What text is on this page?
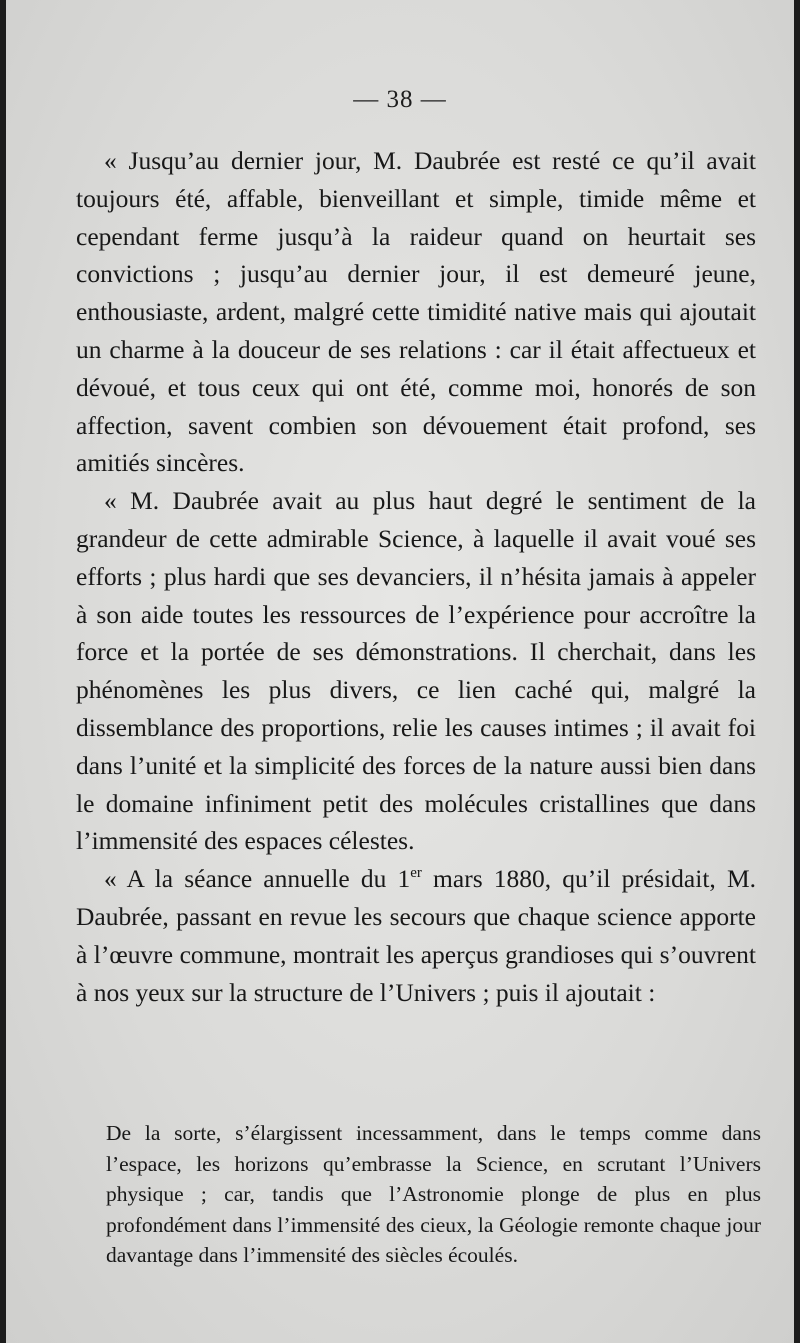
— 38 —

« Jusqu’au dernier jour, M. Daubrée est resté ce qu’il avait toujours été, affable, bienveillant et simple, timide même et cependant ferme jusqu’à la raideur quand on heurtait ses convictions ; jusqu’au dernier jour, il est demeuré jeune, enthousiaste, ardent, malgré cette timidité native mais qui ajoutait un charme à la douceur de ses relations : car il était affectueux et dévoué, et tous ceux qui ont été, comme moi, honorés de son affection, savent combien son dévouement était profond, ses amitiés sincères.

« M. Daubrée avait au plus haut degré le sentiment de la grandeur de cette admirable Science, à laquelle il avait voué ses efforts ; plus hardi que ses devanciers, il n’hésita jamais à appeler à son aide toutes les ressources de l’expérience pour accroître la force et la portée de ses démonstrations. Il cherchait, dans les phénomènes les plus divers, ce lien caché qui, malgré la dissemblance des proportions, relie les causes intimes ; il avait foi dans l’unité et la simplicité des forces de la nature aussi bien dans le domaine infiniment petit des molécules cristallines que dans l’immensité des espaces célestes.

« A la séance annuelle du 1er mars 1880, qu’il présidait, M. Daubrée, passant en revue les secours que chaque science apporte à l’œuvre commune, montrait les aperçus grandioses qui s’ouvrent à nos yeux sur la structure de l’Univers ; puis il ajoutait :

De la sorte, s’élargissent incessamment, dans le temps comme dans l’espace, les horizons qu’embrasse la Science, en scrutant l’Univers physique ; car, tandis que l’Astronomie plonge de plus en plus profondément dans l’immensité des cieux, la Géologie remonte chaque jour davantage dans l’immensité des siècles écoulés.
